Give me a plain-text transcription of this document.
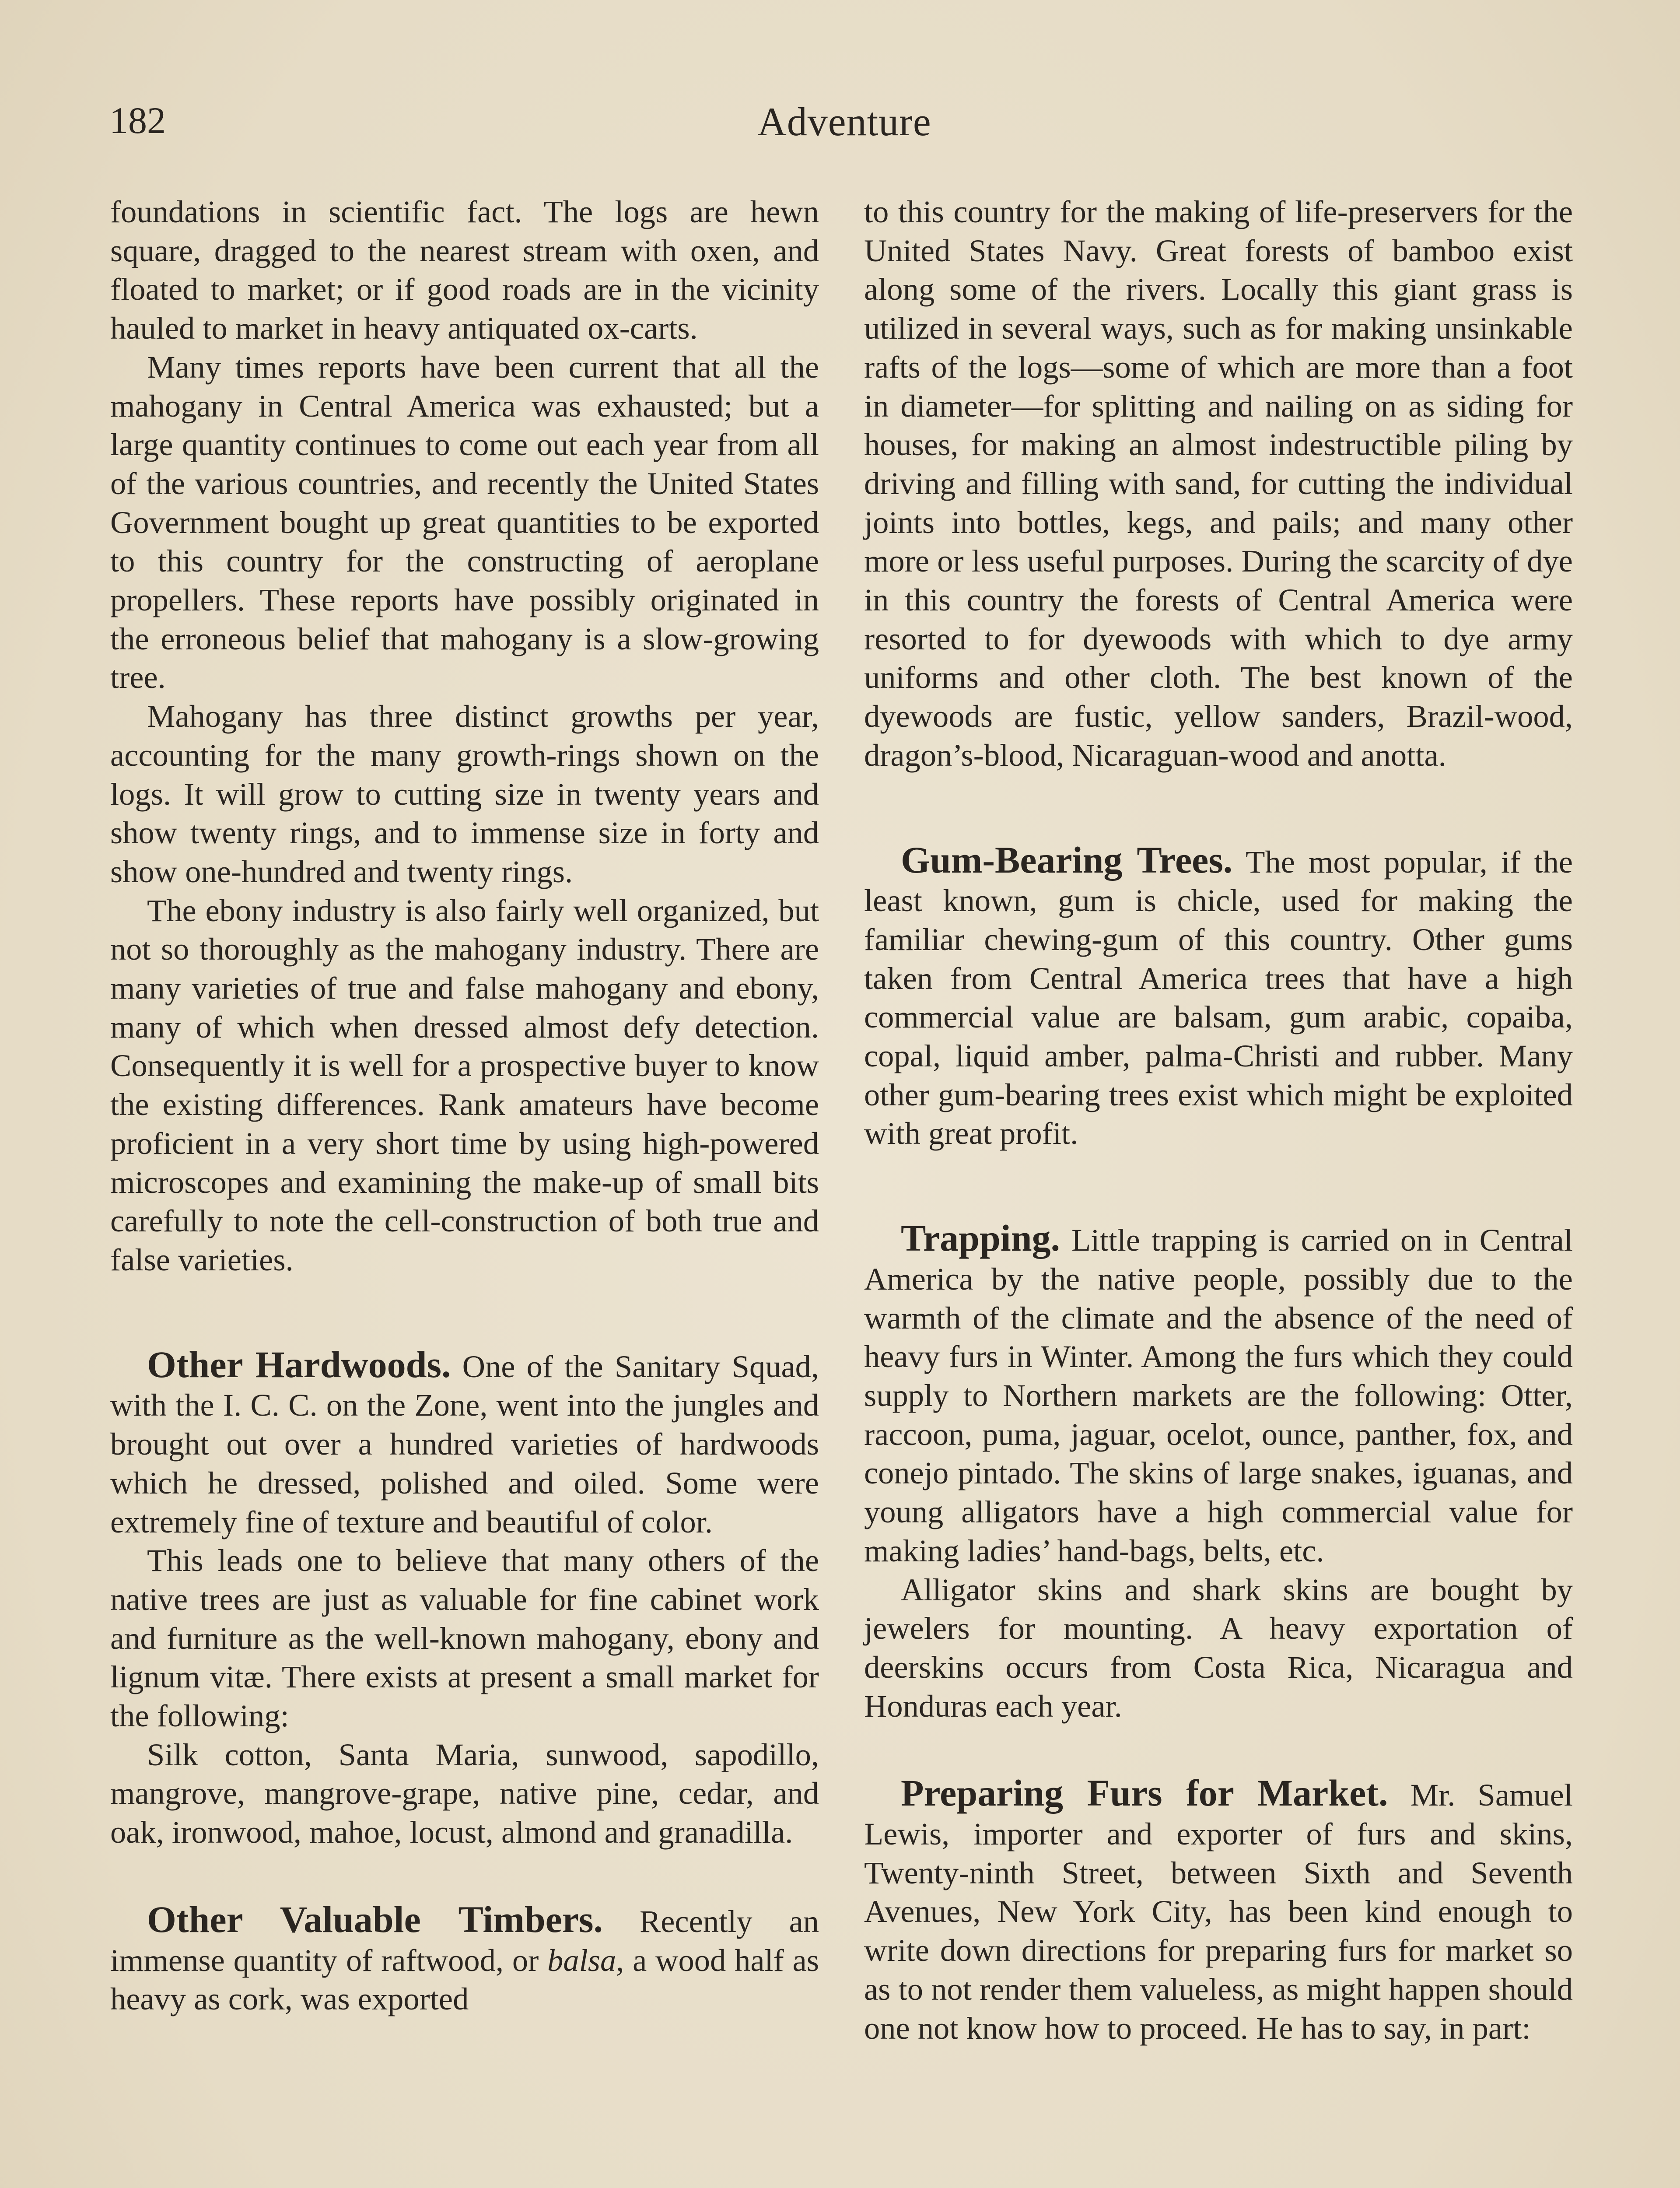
182	Adventure

foundations in scientific fact. The logs are hewn square, dragged to the nearest stream with oxen, and floated to market; or if good roads are in the vicinity hauled to market in heavy antiquated ox-carts.

Many times reports have been current that all the mahogany in Central America was exhausted; but a large quantity continues to come out each year from all of the various countries, and recently the United States Government bought up great quantities to be exported to this country for the constructing of aeroplane propellers. These reports have possibly originated in the erroneous belief that mahogany is a slow-growing tree.

Mahogany has three distinct growths per year, accounting for the many growth-rings shown on the logs. It will grow to cutting size in twenty years and show twenty rings, and to immense size in forty and show one-hundred and twenty rings.

The ebony industry is also fairly well organized, but not so thoroughly as the mahogany industry. There are many varieties of true and false mahogany and ebony, many of which when dressed almost defy detection. Consequently it is well for a prospective buyer to know the existing differences. Rank amateurs have become proficient in a very short time by using high-powered microscopes and examining the make-up of small bits carefully to note the cell-construction of both true and false varieties.

Other Hardwoods. One of the Sanitary Squad, with the I. C. C. on the Zone, went into the jungles and brought out over a hundred varieties of hardwoods which he dressed, polished and oiled. Some were extremely fine of texture and beautiful of color.

This leads one to believe that many others of the native trees are just as valuable for fine cabinet work and furniture as the well-known mahogany, ebony and lignum vitæ. There exists at present a small market for the following:

Silk cotton, Santa Maria, sunwood, sapodillo, mangrove, mangrove-grape, native pine, cedar, and oak, ironwood, mahoe, locust, almond and granadilla.

Other Valuable Timbers. Recently an immense quantity of raftwood, or balsa, a wood half as heavy as cork, was exported

to this country for the making of life-preservers for the United States Navy. Great forests of bamboo exist along some of the rivers. Locally this giant grass is utilized in several ways, such as for making unsinkable rafts of the logs—some of which are more than a foot in diameter—for splitting and nailing on as siding for houses, for making an almost indestructible piling by driving and filling with sand, for cutting the individual joints into bottles, kegs, and pails; and many other more or less useful purposes. During the scarcity of dye in this country the forests of Central America were resorted to for dyewoods with which to dye army uniforms and other cloth. The best known of the dyewoods are fustic, yellow sanders, Brazil-wood, dragon’s-blood, Nicaraguan-wood and anotta.

Gum-Bearing Trees. The most popular, if the least known, gum is chicle, used for making the familiar chewing-gum of this country. Other gums taken from Central America trees that have a high commercial value are balsam, gum arabic, copaiba, copal, liquid amber, palma-Christi and rubber. Many other gum-bearing trees exist which might be exploited with great profit.

Trapping. Little trapping is carried on in Central America by the native people, possibly due to the warmth of the climate and the absence of the need of heavy furs in Winter. Among the furs which they could supply to Northern markets are the following: Otter, raccoon, puma, jaguar, ocelot, ounce, panther, fox, and conejo pintado. The skins of large snakes, iguanas, and young alligators have a high commercial value for making ladies’ hand-bags, belts, etc.

Alligator skins and shark skins are bought by jewelers for mounting. A heavy exportation of deerskins occurs from Costa Rica, Nicaragua and Honduras each year.

Preparing Furs for Market. Mr. Samuel Lewis, importer and exporter of furs and skins, Twenty-ninth Street, between Sixth and Seventh Avenues, New York City, has been kind enough to write down directions for preparing furs for market so as to not render them valueless, as might happen should one not know how to proceed. He has to say, in part:
